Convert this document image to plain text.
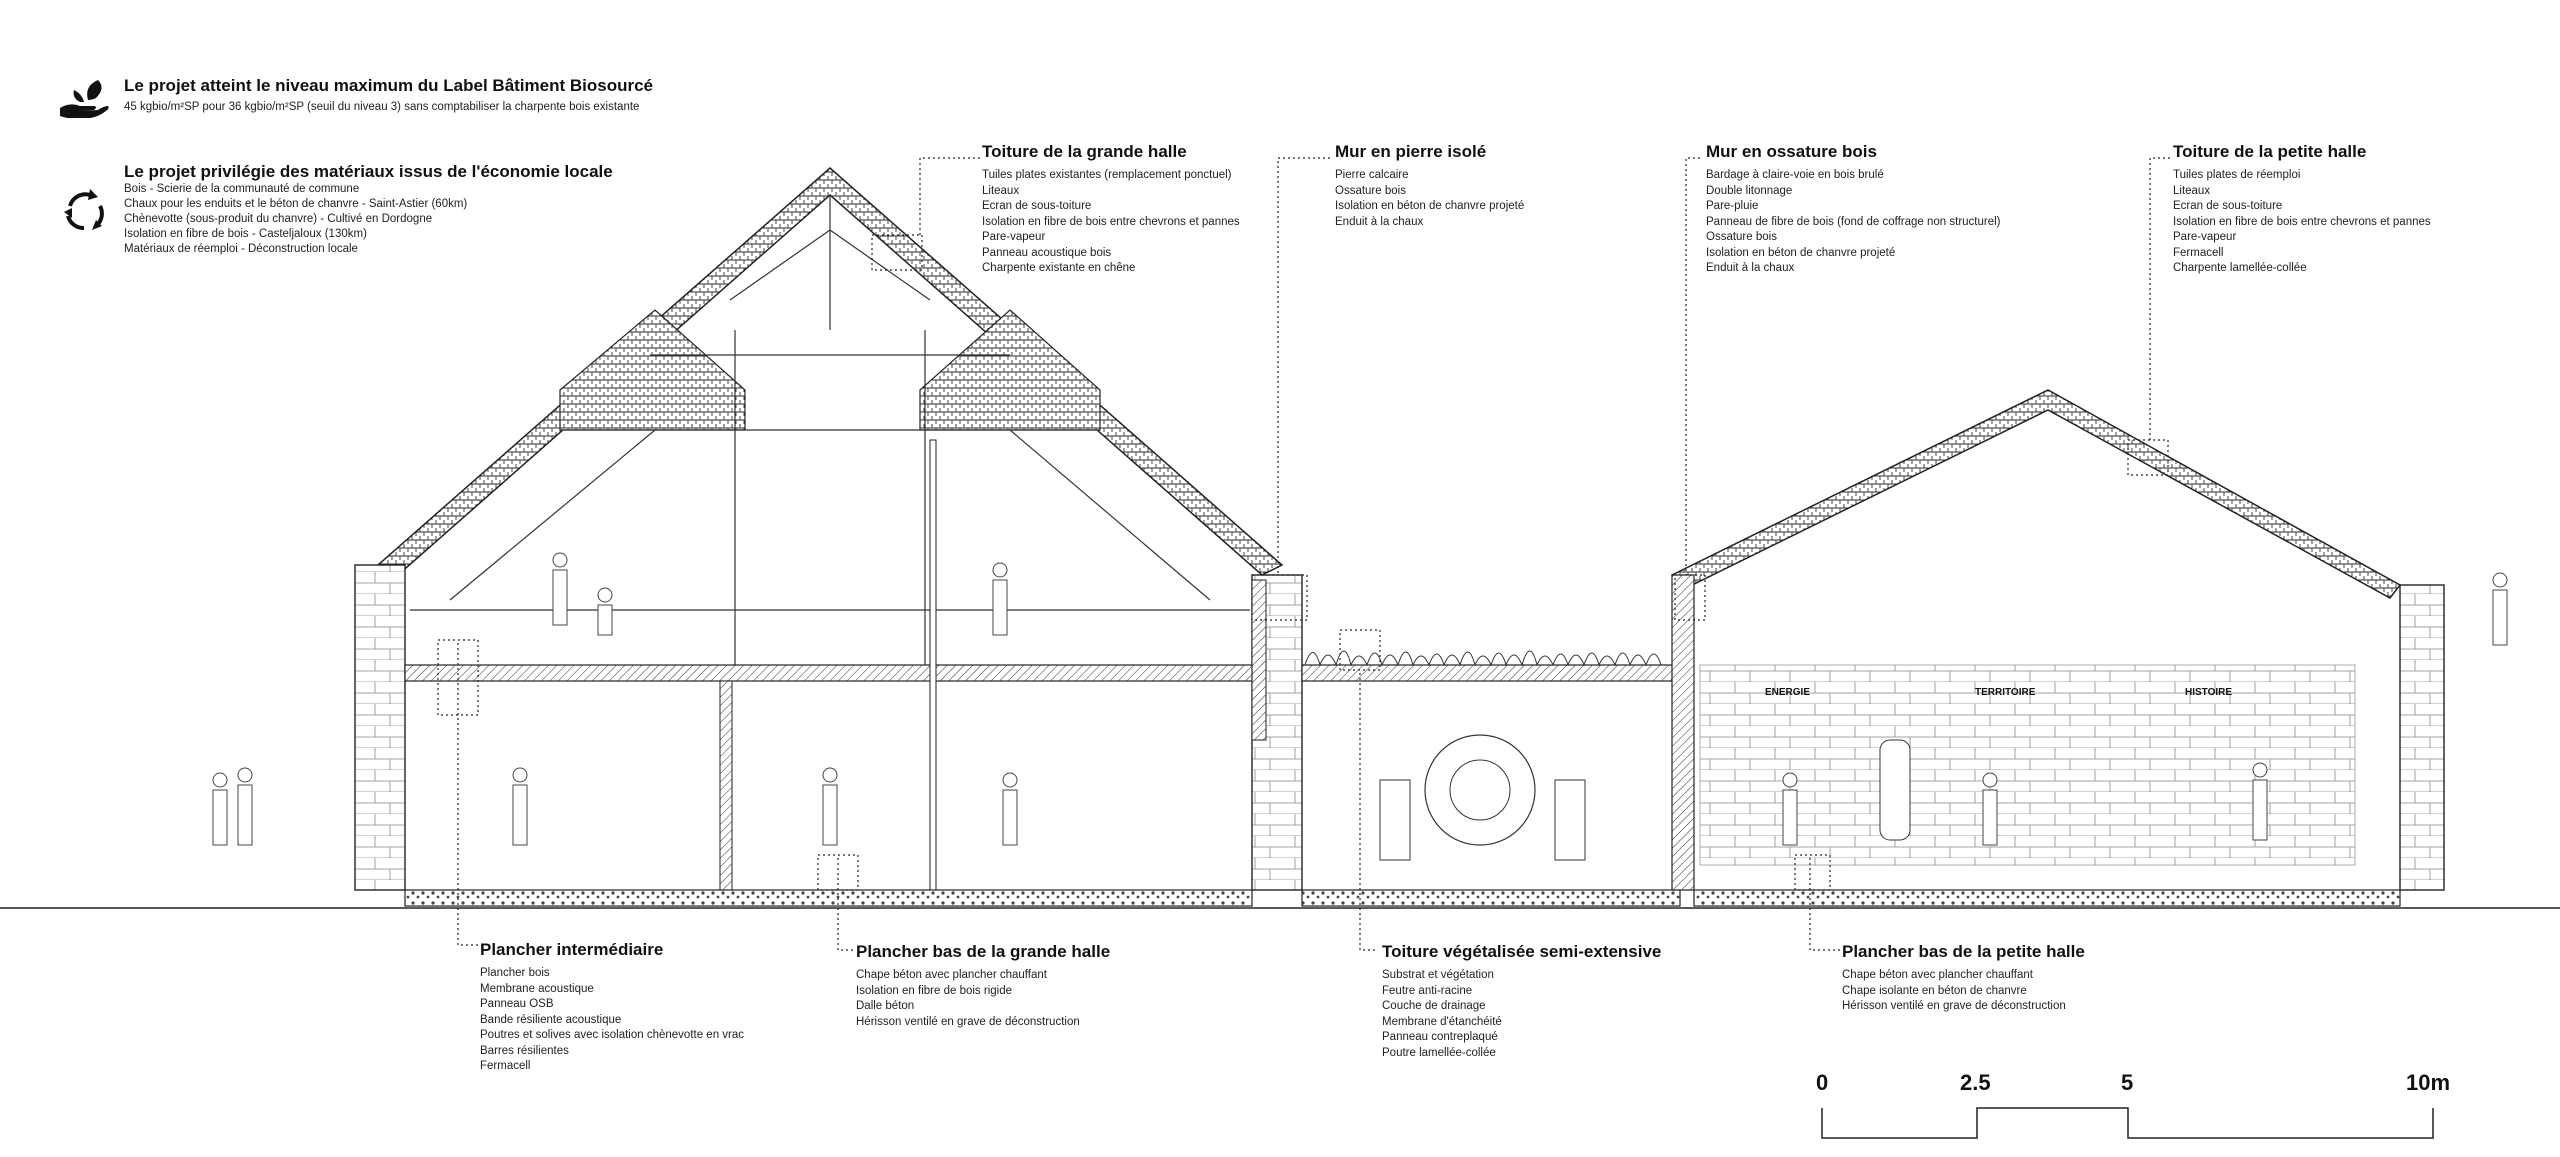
ENERGIE	TERRITOIRE	HISTOIRE
Le projet atteint le niveau maximum du Label Bâtiment Biosourcé
45 kgbio/m²SP pour 36 kgbio/m²SP (seuil du niveau 3) sans comptabiliser la charpente bois existante
Le projet privilégie des matériaux issus de l'économie locale
Bois - Scierie de la communauté de commune
Chaux pour les enduits et le béton de chanvre - Saint-Astier (60km)
Chènevotte (sous-produit du chanvre) - Cultivé en Dordogne
Isolation en fibre de bois - Casteljaloux (130km)
Matériaux de réemploi - Déconstruction locale
Toiture de la grande halle
Tuiles plates existantes (remplacement ponctuel)
Liteaux
Ecran de sous-toiture
Isolation en fibre de bois entre chevrons et pannes
Pare-vapeur
Panneau acoustique bois
Charpente existante en chêne
Mur en pierre isolé
Pierre calcaire
Ossature bois
Isolation en béton de chanvre projeté
Enduit à la chaux
Mur en ossature bois
Bardage à claire-voie en bois brulé
Double litonnage
Pare-pluie
Panneau de fibre de bois (fond de coffrage non structurel)
Ossature bois
Isolation en béton de chanvre projeté
Enduit à la chaux
Toiture de la petite halle
Tuiles plates de réemploi
Liteaux
Ecran de sous-toiture
Isolation en fibre de bois entre chevrons et pannes
Pare-vapeur
Fermacell
Charpente lamellée-collée
Plancher intermédiaire
Plancher bois
Membrane acoustique
Panneau OSB
Bande résiliente acoustique
Poutres et solives avec isolation chènevotte en vrac
Barres résilientes
Fermacell
Plancher bas de la grande halle
Chape béton avec plancher chauffant
Isolation en fibre de bois rigide
Dalle béton
Hérisson ventilé en grave de déconstruction
Toiture végétalisée semi-extensive
Substrat et végétation
Feutre anti-racine
Couche de drainage
Membrane d'étanchéité
Panneau contreplaqué
Poutre lamellée-collée
Plancher bas de la petite halle
Chape béton avec plancher chauffant
Chape isolante en béton de chanvre
Hérisson ventilé en grave de déconstruction
0	2.5	5	10m
